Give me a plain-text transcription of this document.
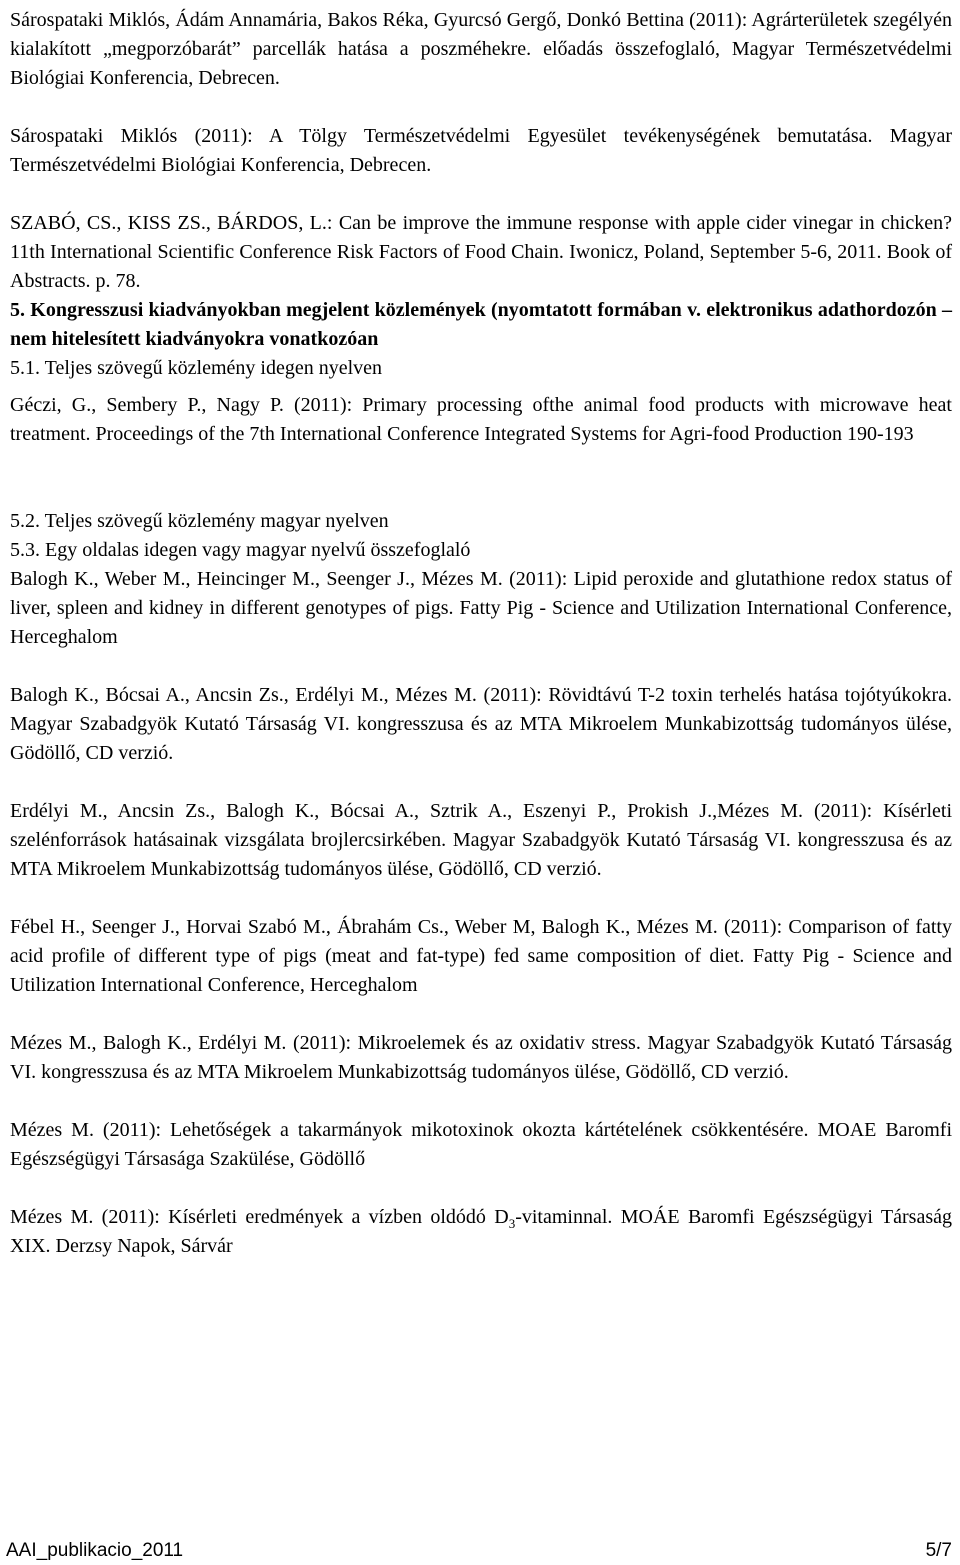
Sárospataki Miklós, Ádám Annamária, Bakos Réka, Gyurcsó Gergő, Donkó Bettina (2011): Agrárterületek szegélyén kialakított „megporzóbarát” parcellák hatása a poszméhekre. előadás összefoglaló, Magyar Természetvédelmi Biológiai Konferencia, Debrecen.

Sárospataki Miklós (2011): A Tölgy Természetvédelmi Egyesület tevékenységének bemutatása. Magyar Természetvédelmi Biológiai Konferencia, Debrecen.

SZABÓ, CS., KISS ZS., BÁRDOS, L.: Can be improve the immune response with apple cider vinegar in chicken? 11th International Scientific Conference Risk Factors of Food Chain. Iwonicz, Poland, September 5-6, 2011. Book of Abstracts. p. 78.

5. Kongresszusi kiadványokban megjelent közlemények (nyomtatott formában v. elektronikus adathordozón – nem hitelesített kiadványokra vonatkozóan

5.1. Teljes szövegű közlemény idegen nyelven

Géczi, G., Sembery P., Nagy P. (2011): Primary processing ofthe animal food products with microwave heat treatment. Proceedings of the 7th International Conference Integrated Systems for Agri-food Production 190-193

5.2. Teljes szövegű közlemény magyar nyelven

5.3. Egy oldalas idegen vagy magyar nyelvű összefoglaló

Balogh K., Weber M., Heincinger M., Seenger J., Mézes M. (2011): Lipid peroxide and glutathione redox status of liver, spleen and kidney in different genotypes of pigs. Fatty Pig - Science and Utilization International Conference, Herceghalom

Balogh K., Bócsai A., Ancsin Zs., Erdélyi M., Mézes M. (2011): Rövidtávú T-2 toxin terhelés hatása tojótyúkokra. Magyar Szabadgyök Kutató Társaság VI. kongresszusa és az MTA Mikroelem Munkabizottság tudományos ülése, Gödöllő, CD verzió.

Erdélyi M., Ancsin Zs., Balogh K., Bócsai A., Sztrik A., Eszenyi P., Prokish J.,Mézes M. (2011): Kísérleti szelénforrások hatásainak vizsgálata brojlercsirkében. Magyar Szabadgyök Kutató Társaság VI. kongresszusa és az MTA Mikroelem Munkabizottság tudományos ülése, Gödöllő, CD verzió.

Fébel H., Seenger J., Horvai Szabó M., Ábrahám Cs., Weber M, Balogh K., Mézes M. (2011): Comparison of fatty acid profile of different type of pigs (meat and fat-type) fed same composition of diet. Fatty Pig - Science and Utilization International Conference, Herceghalom

Mézes M., Balogh K., Erdélyi M. (2011): Mikroelemek és az oxidativ stress. Magyar Szabadgyök Kutató Társaság VI. kongresszusa és az MTA Mikroelem Munkabizottság tudományos ülése, Gödöllő, CD verzió.

Mézes M. (2011): Lehetőségek a takarmányok mikotoxinok okozta kártételének csökkentésére. MOAE Baromfi Egészségügyi Társasága Szakülése, Gödöllő

Mézes M. (2011): Kísérleti eredmények a vízben oldódó $D_3$-vitaminnal. MOÁE Baromfi Egészségügyi Társaság XIX. Derzsy Napok, Sárvár

AAI_publikacio_2011	5/7
